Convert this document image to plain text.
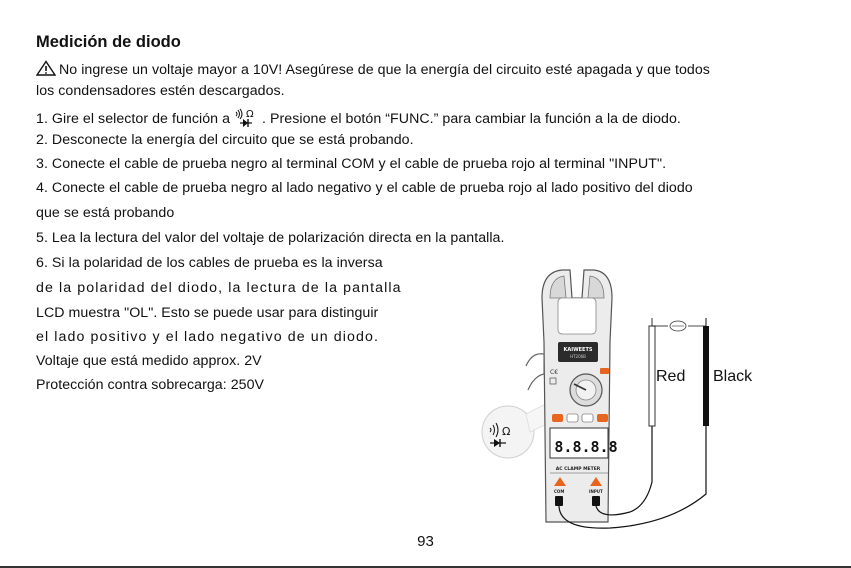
Medición de diodo

No ingrese un voltaje mayor a 10V! Asegúrese de que la energía del circuito esté apagada y que todos

los condensadores estén descargados.

1. Gire el selector de función a Ω . Presione el botón “FUNC.” para cambiar la función a la de diodo.

2. Desconecte la energía del circuito que se está probando.

3. Conecte el cable de prueba negro al terminal COM y el cable de prueba rojo al terminal "INPUT".

4. Conecte el cable de prueba negro al lado negativo y el cable de prueba rojo al lado positivo del diodo

que se está probando

5. Lea la lectura del valor del voltaje de polarización directa en la pantalla.

6. Si la polaridad de los cables de prueba es la inversa

de la polaridad del diodo, la lectura de la pantalla

LCD muestra "OL". Esto se puede usar para distinguir

el lado positivo y el lado negativo de un diodo.

Voltaje que está medido approx. 2V

Protección contra sobrecarga: 250V

Ω
KAIWEETS
HT206B
C€
8.8.8.8
AC CLAMP METER
COM	INPUT

Red Black

93
